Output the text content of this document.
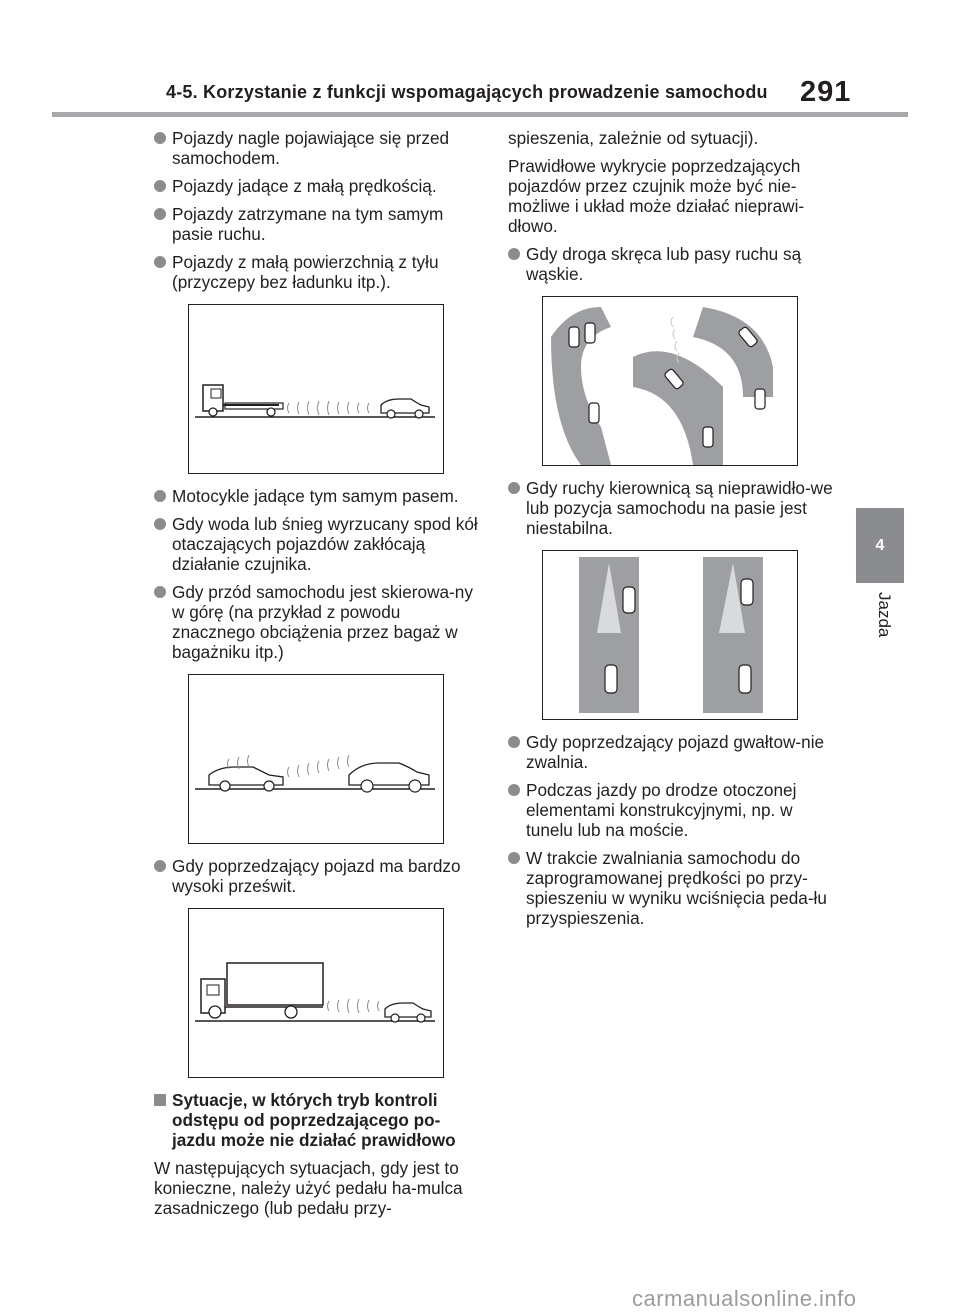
4-5. Korzystanie z funkcji wspomagających prowadzenie samochodu 291
4
Jazda
Pojazdy nagle pojawiające się przed samochodem.
Pojazdy jadące z małą prędkością.
Pojazdy zatrzymane na tym samym pasie ruchu.
Pojazdy z małą powierzchnią z tyłu (przyczepy bez ładunku itp.).
Motocykle jadące tym samym pasem.
Gdy woda lub śnieg wyrzucany spod kół otaczających pojazdów zakłócają działanie czujnika.
Gdy przód samochodu jest skierowa-ny w górę (na przykład z powodu znacznego obciążenia przez bagaż w bagażniku itp.)
Gdy poprzedzający pojazd ma bardzo wysoki prześwit.
Sytuacje, w których tryb kontroli odstępu od poprzedzającego po-jazdu może nie działać prawidłowo
W następujących sytuacjach, gdy jest to konieczne, należy użyć pedału ha-mulca zasadniczego (lub pedału przy-
spieszenia, zależnie od sytuacji).
Prawidłowe wykrycie poprzedzających pojazdów przez czujnik może być nie-możliwe i układ może działać nieprawi-dłowo.
Gdy droga skręca lub pasy ruchu są wąskie.
Gdy ruchy kierownicą są nieprawidło-we lub pozycja samochodu na pasie jest niestabilna.
Gdy poprzedzający pojazd gwałtow-nie zwalnia.
Podczas jazdy po drodze otoczonej elementami konstrukcyjnymi, np. w tunelu lub na moście.
W trakcie zwalniania samochodu do zaprogramowanej prędkości po przy-spieszeniu w wyniku wciśnięcia peda-łu przyspieszenia.
carmanualsonline.info
